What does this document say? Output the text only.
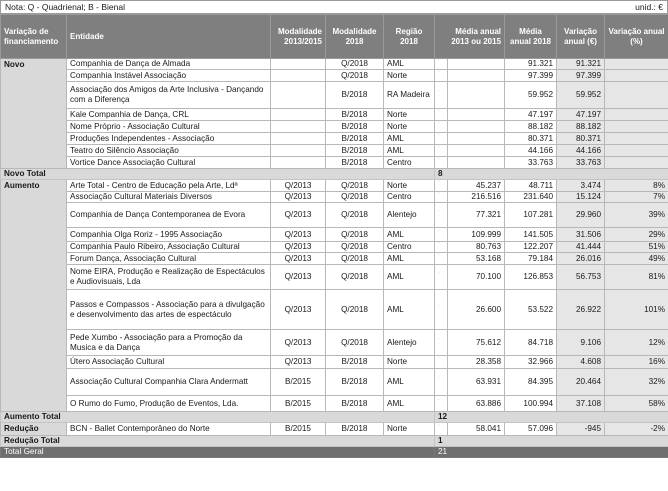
Nota: Q - Quadrienal; B - Bienal	unid.: €
Variação de financiamento	Entidade	Modalidade 2013/2015	Modalidade 2018	Região 2018	Média anual 2013 ou 2015		Média anual 2018	Variação anual (€)	Variação anual (%)
Novo	Companhia de Dança de Almada		Q/2018	AML	˙		91.321	91.321	
	Companhia Instável Associação		Q/2018	Norte	˙		97.399	97.399	
	Associação dos Amigos da Arte Inclusiva - Dançando com a Diferença		B/2018	RA Madeira	˙		59.952	59.952	
	Kale Companhia de Dança, CRL		B/2018	Norte	˙		47.197	47.197	
	Nome Próprio - Associação Cultural		B/2018	Norte	˙		88.182	88.182	
	Produções Independentes - Associação		B/2018	AML	˙		80.371	80.371	
	Teatro do Silêncio Associação		B/2018	AML	˙		44.166	44.166	
	Vortice Dance Associação Cultural		B/2018	Centro	˙		33.763	33.763	
Novo Total					8				
Aumento	Arte Total - Centro de Educação pela Arte, Ldª	Q/2013	Q/2018	Norte	˙	45.237	48.711	3.474	8%
	Associação Cultural Materiais Diversos	Q/2013	Q/2018	Centro	˙	216.516	231.640	15.124	7%
	Companhia de Dança Contemporanea de Evora	Q/2013	Q/2018	Alentejo	˙	77.321	107.281	29.960	39%
	Companhia Olga Roriz - 1995 Associação	Q/2013	Q/2018	AML	˙	109.999	141.505	31.506	29%
	Companhia Paulo Ribeiro, Associação Cultural	Q/2013	Q/2018	Centro	˙	80.763	122.207	41.444	51%
	Forum Dança, Associação Cultural	Q/2013	Q/2018	AML	˙	53.168	79.184	26.016	49%
	Nome EIRA, Produção e Realização de Espectáculos e Audiovisuais, Lda	Q/2013	Q/2018	AML	˙	70.100	126.853	56.753	81%
	Passos e Compassos - Associação para a divulgação e desenvolvimento das artes de espectáculo	Q/2013	Q/2018	AML	˙	26.600	53.522	26.922	101%
	Pede Xumbo - Associação para a Promoção da Musica e da Dança	Q/2013	Q/2018	Alentejo	˙	75.612	84.718	9.106	12%
	Útero Associação Cultural	Q/2013	B/2018	Norte	˙	28.358	32.966	4.608	16%
	Associação Cultural Companhia Clara Andermatt	B/2015	B/2018	AML	˙	63.931	84.395	20.464	32%
	O Rumo do Fumo, Produção de Eventos, Lda.	B/2015	B/2018	AML	˙	63.886	100.994	37.108	58%
Aumento Total					12				
Redução	BCN - Ballet Contemporâneo do Norte	B/2015	B/2018	Norte	˙	58.041	57.096	-945	-2%
Redução Total					1				
Total Geral					21				
